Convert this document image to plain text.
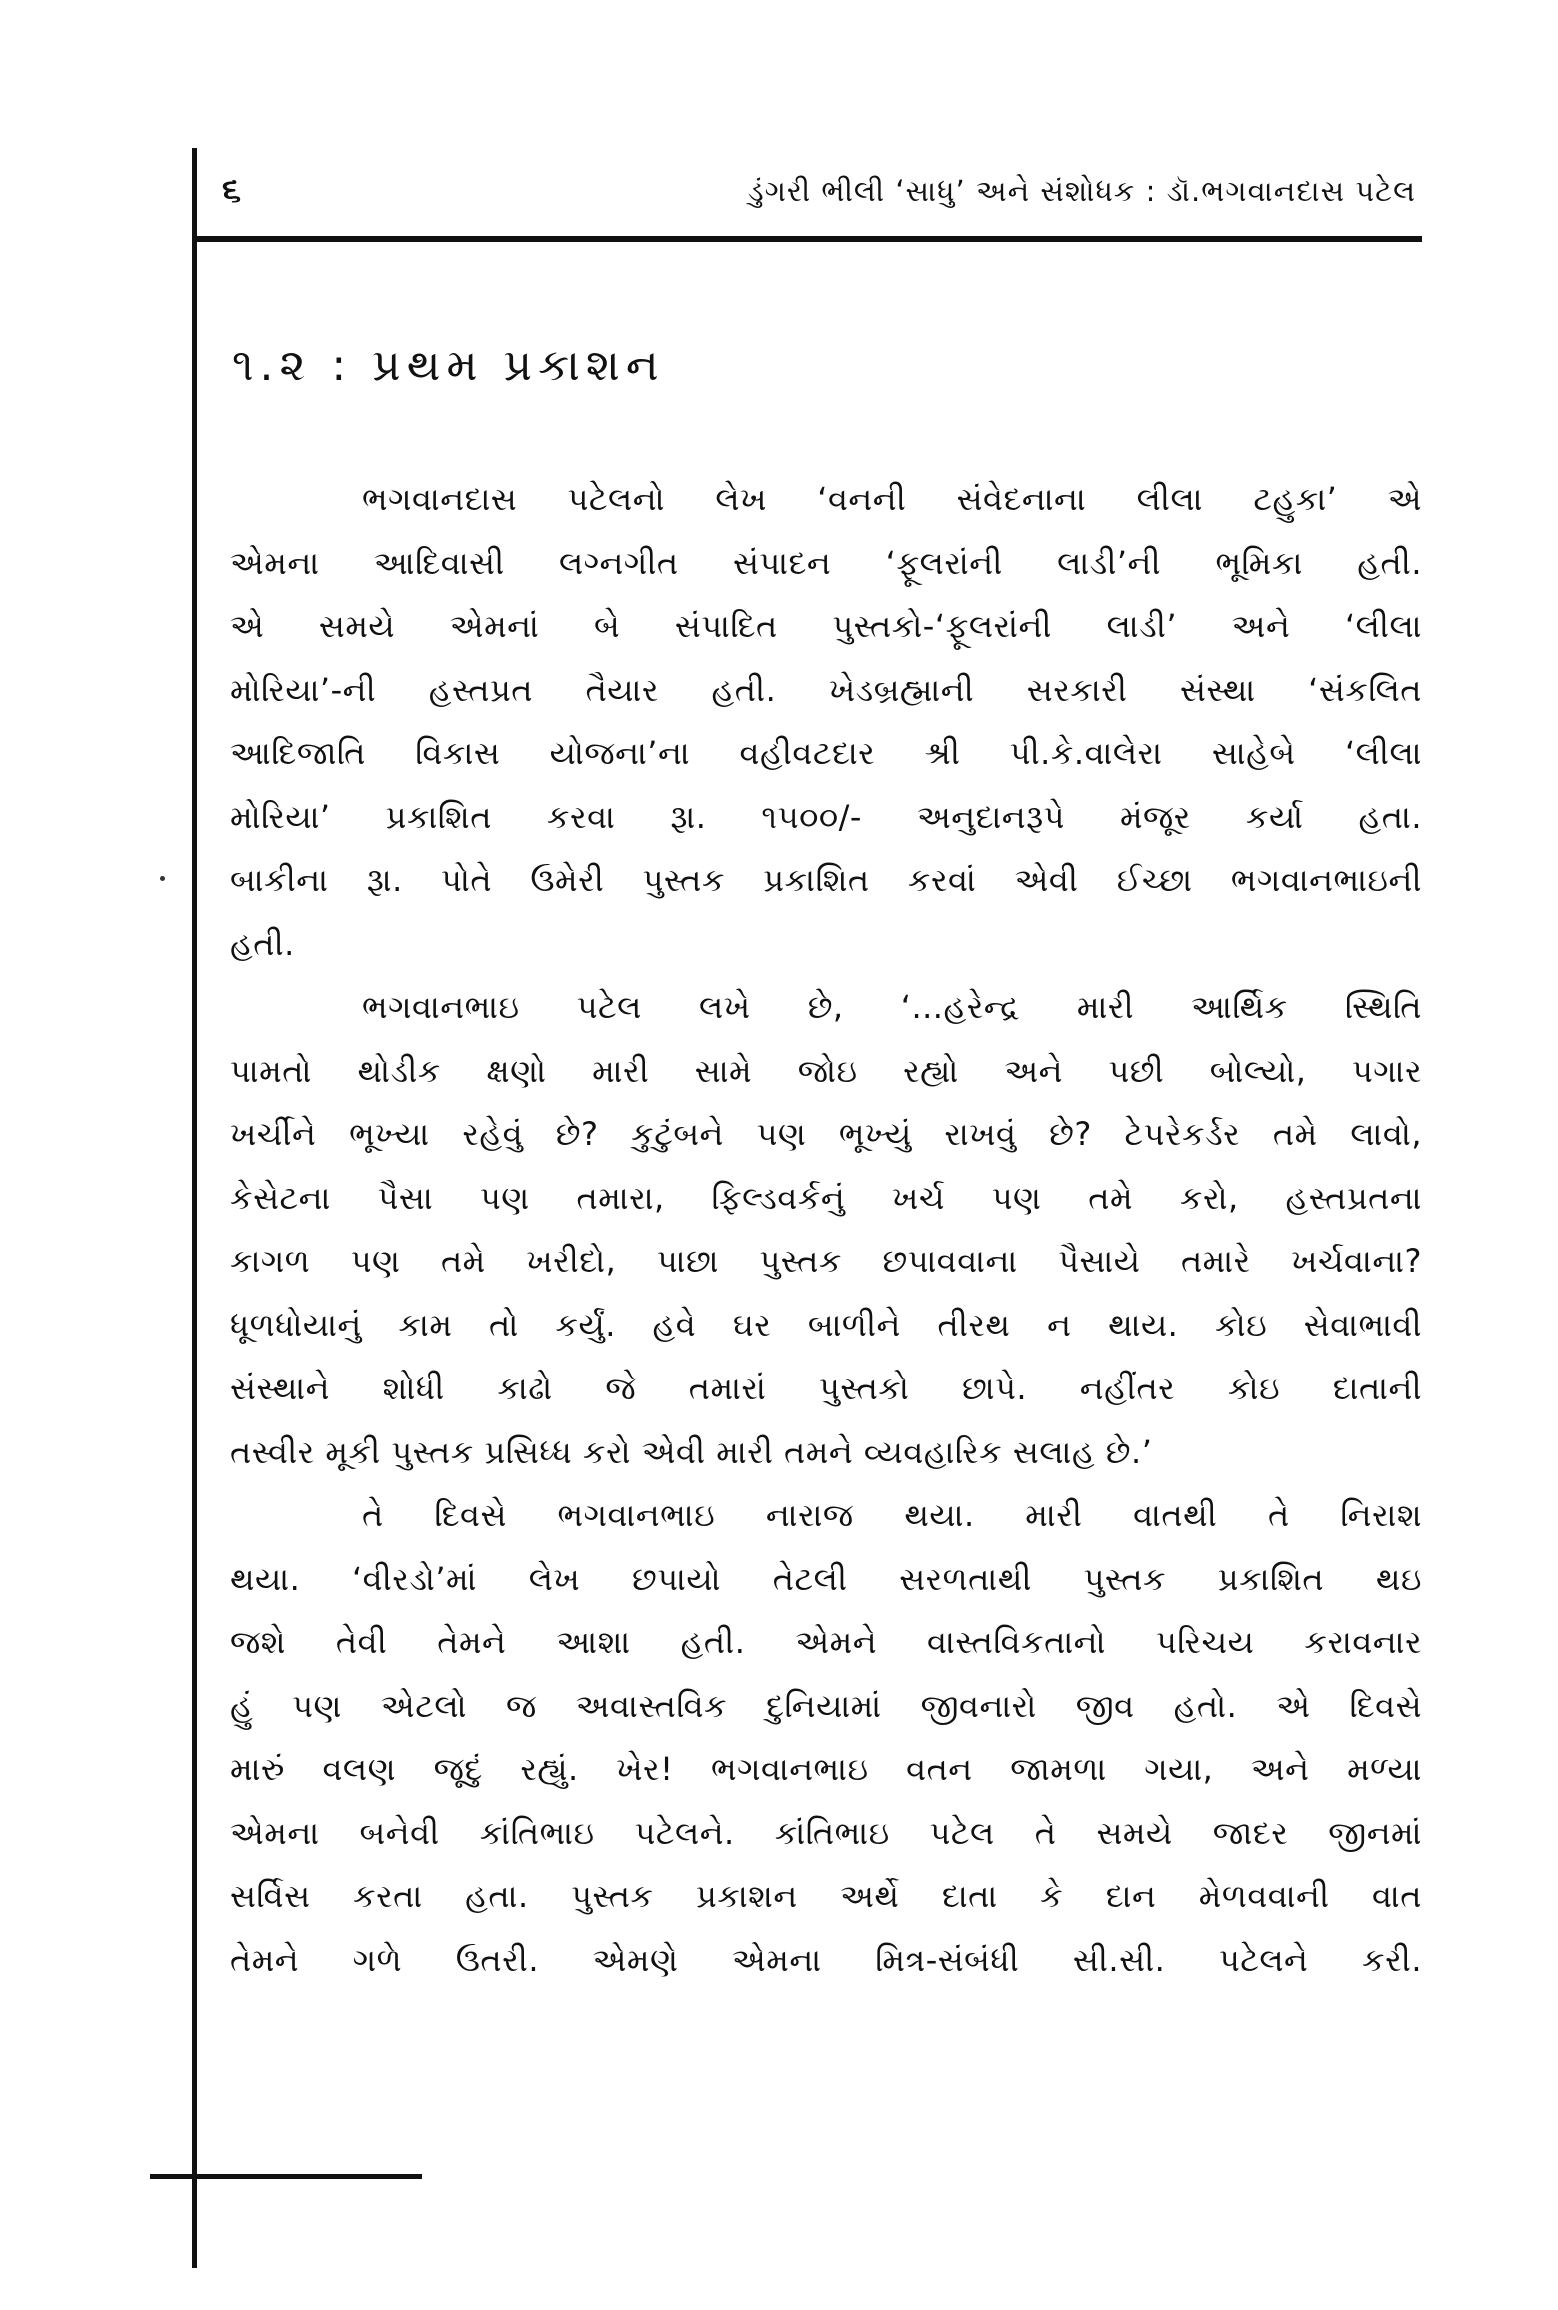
૬	ડુંગરી ભીલી ‘સાધુ’ અને સંશોધક : ડૉ.ભગવાનદાસ પટેલ
૧.૨ : પ્રથમ પ્રકાશન
ભગવાનદાસ પટેલનો લેખ ‘વનની સંવેદનાના લીલા ટહુકા’ એ
એમના આદિવાસી લગ્નગીત સંપાદન ‘ફૂલરાંની લાડી’ની ભૂમિકા હતી.
એ સમયે એમનાં બે સંપાદિત પુસ્તકો-‘ફૂલરાંની લાડી’ અને ‘લીલા
મોરિયા’-ની હસ્તપ્રત તૈયાર હતી. ખેડબ્રહ્માની સરકારી સંસ્થા ‘સંકલિત
આદિજાતિ વિકાસ યોજના’ના વહીવટદાર શ્રી પી.કે.વાલેરા સાહેબે ‘લીલા
મોરિયા’ પ્રકાશિત કરવા રૂા. ૧૫૦૦/- અનુદાનરૂપે મંજૂર કર્યા હતા.
બાકીના રૂા. પોતે ઉમેરી પુસ્તક પ્રકાશિત કરવાં એવી ઈચ્છા ભગવાનભાઇની
હતી.
ભગવાનભાઇ પટેલ લખે છે, ‘...હરેન્દ્ર મારી આર્થિક સ્થિતિ
પામતો થોડીક ક્ષણો મારી સામે જોઇ રહ્યો અને પછી બોલ્યો, પગાર
ખર્ચીને ભૂખ્યા રહેવું છે? કુટુંબને પણ ભૂખ્યું રાખવું છે? ટેપરેકર્ડર તમે લાવો,
કેસેટના પૈસા પણ તમારા, ફિલ્ડવર્કનું ખર્ચ પણ તમે કરો, હસ્તપ્રતના
કાગળ પણ તમે ખરીદો, પાછા પુસ્તક છપાવવાના પૈસાયે તમારે ખર્ચવાના?
ધૂળધોયાનું કામ તો કર્યું. હવે ઘર બાળીને તીરથ ન થાય. કોઇ સેવાભાવી
સંસ્થાને શોધી કાઢો જે તમારાં પુસ્તકો છાપે. નહીંતર કોઇ દાતાની
તસ્વીર મૂકી પુસ્તક પ્રસિધ્ધ કરો એવી મારી તમને વ્યવહારિક સલાહ છે.’
તે દિવસે ભગવાનભાઇ નારાજ થયા. મારી વાતથી તે નિરાશ
થયા. ‘વીરડો’માં લેખ છપાયો તેટલી સરળતાથી પુસ્તક પ્રકાશિત થઇ
જશે તેવી તેમને આશા હતી. એમને વાસ્તવિકતાનો પરિચય કરાવનાર
હું પણ એટલો જ અવાસ્તવિક દુનિયામાં જીવનારો જીવ હતો. એ દિવસે
મારું વલણ જૂદું રહ્યું. ખેર! ભગવાનભાઇ વતન જામળા ગયા, અને મળ્યા
એમના બનેવી કાંતિભાઇ પટેલને. કાંતિભાઇ પટેલ તે સમયે જાદર જીનમાં
સર્વિસ કરતા હતા. પુસ્તક પ્રકાશન અર્થે દાતા કે દાન મેળવવાની વાત
તેમને ગળે ઉતરી. એમણે એમના મિત્ર-સંબંધી સી.સી. પટેલને કરી.
